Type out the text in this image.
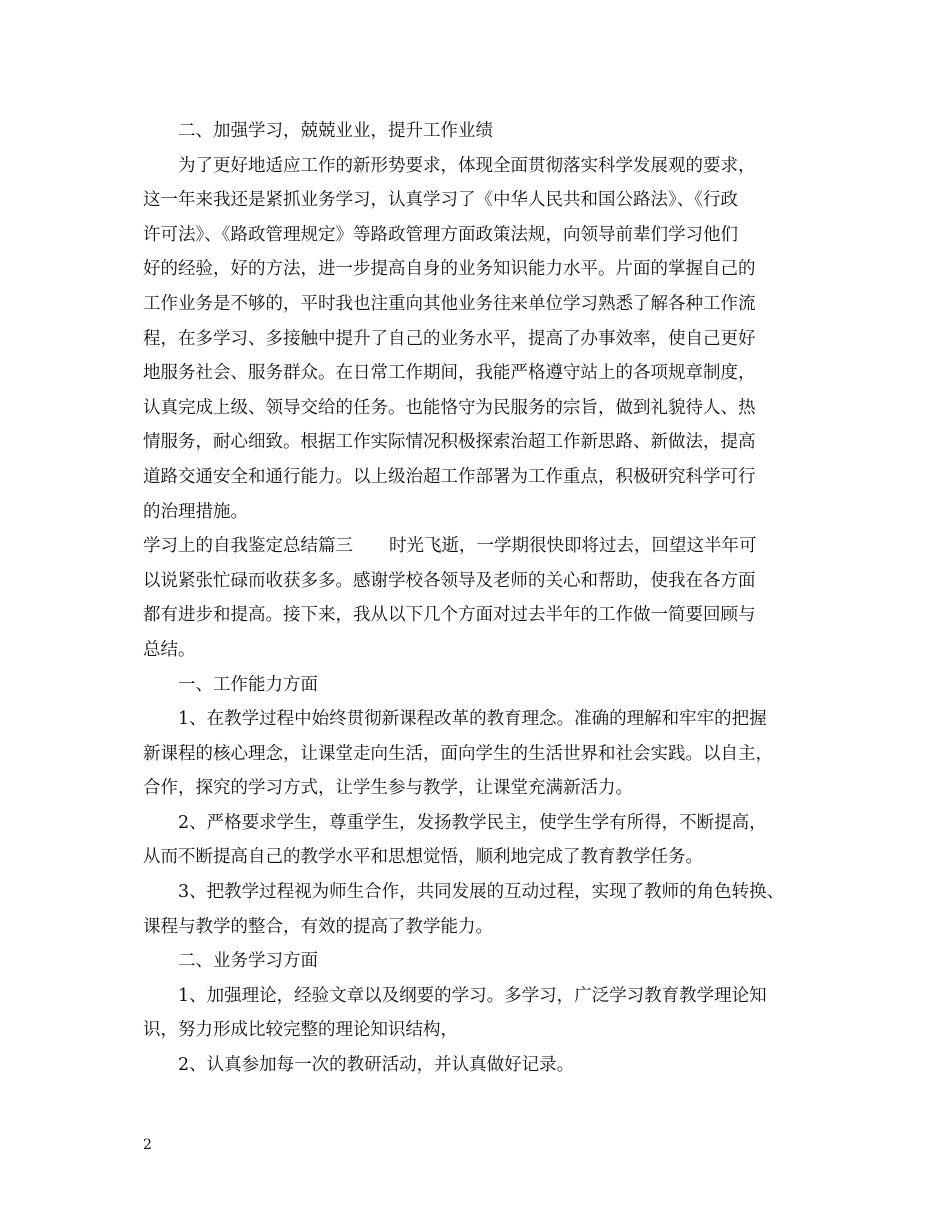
二、加强学习，兢兢业业，提升工作业绩
为了更好地适应工作的新形势要求，体现全面贯彻落实科学发展观的要求，
这一年来我还是紧抓业务学习，认真学习了《中华人民共和国公路法》、《行政
许可法》、《路政管理规定》等路政管理方面政策法规，向领导前辈们学习他们
好的经验，好的方法，进一步提高自身的业务知识能力水平。片面的掌握自己的
工作业务是不够的，平时我也注重向其他业务往来单位学习熟悉了解各种工作流
程，在多学习、多接触中提升了自己的业务水平，提高了办事效率，使自己更好
地服务社会、服务群众。在日常工作期间，我能严格遵守站上的各项规章制度，
认真完成上级、领导交给的任务。也能恪守为民服务的宗旨，做到礼貌待人、热
情服务，耐心细致。根据工作实际情况积极探索治超工作新思路、新做法，提高
道路交通安全和通行能力。以上级治超工作部署为工作重点，积极研究科学可行
的治理措施。
学习上的自我鉴定总结篇三 时光飞逝，一学期很快即将过去，回望这半年可
以说紧张忙碌而收获多多。感谢学校各领导及老师的关心和帮助，使我在各方面
都有进步和提高。接下来，我从以下几个方面对过去半年的工作做一简要回顾与
总结。
一、工作能力方面
1、在教学过程中始终贯彻新课程改革的教育理念。准确的理解和牢牢的把握
新课程的核心理念，让课堂走向生活，面向学生的生活世界和社会实践。以自主，
合作，探究的学习方式，让学生参与教学，让课堂充满新活力。
2、严格要求学生，尊重学生，发扬教学民主，使学生学有所得，不断提高，
从而不断提高自己的教学水平和思想觉悟，顺利地完成了教育教学任务。
3、把教学过程视为师生合作，共同发展的互动过程，实现了教师的角色转换、
课程与教学的整合，有效的提高了教学能力。
二、业务学习方面
1、加强理论，经验文章以及纲要的学习。多学习，广泛学习教育教学理论知
识，努力形成比较完整的理论知识结构，
2、认真参加每一次的教研活动，并认真做好记录。
2
